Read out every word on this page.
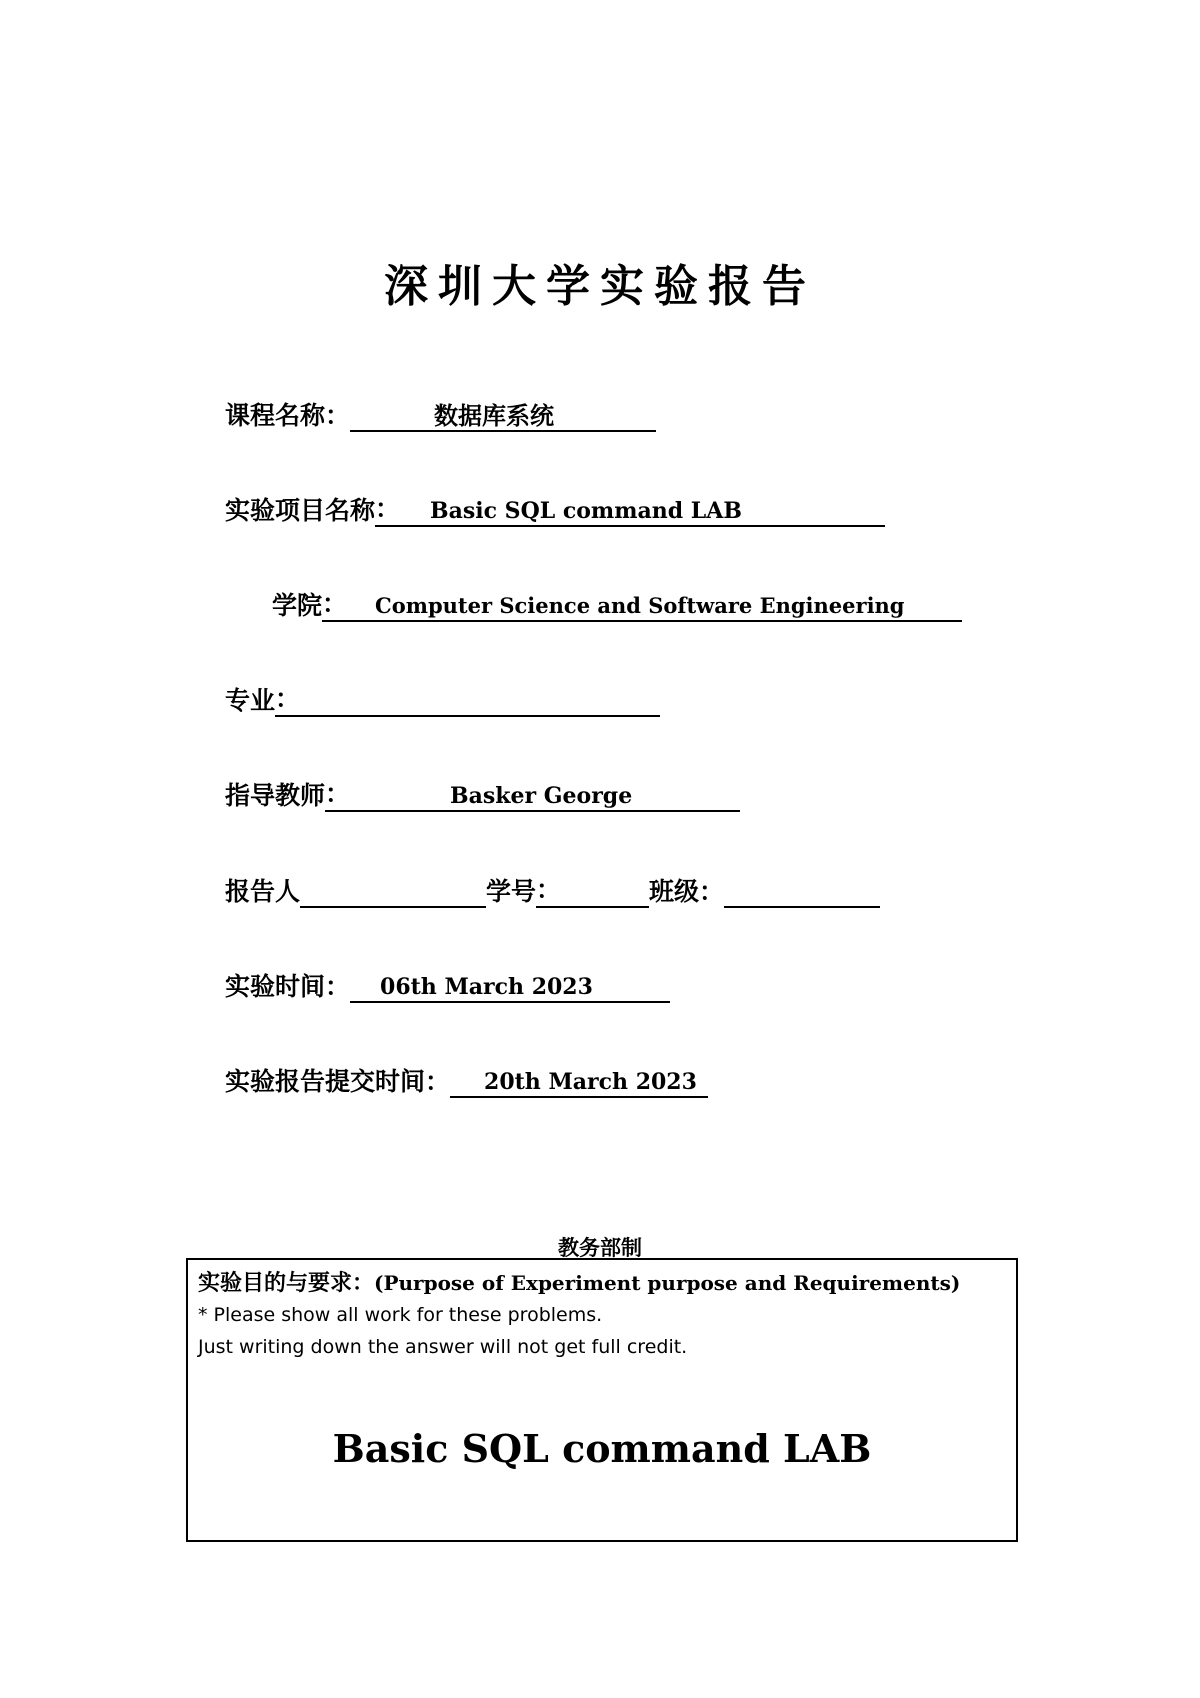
深圳大学实验报告
课程名称：	数据库系统
实验项目名称 ：	Basic SQL command LAB
学院 ：	Computer Science and Software Engineering
专业 ：
指导教师 ：	Basker George
报告人	学号 ：	班级：
实验时间：	06th March 2023
实验报告提交时间：	20th March 2023
教务部制
实验目的与要求：(Purpose of Experiment purpose and Requirements)
* Please show all work for these problems.
Just writing down the answer will not get full credit.
Basic SQL command LAB
